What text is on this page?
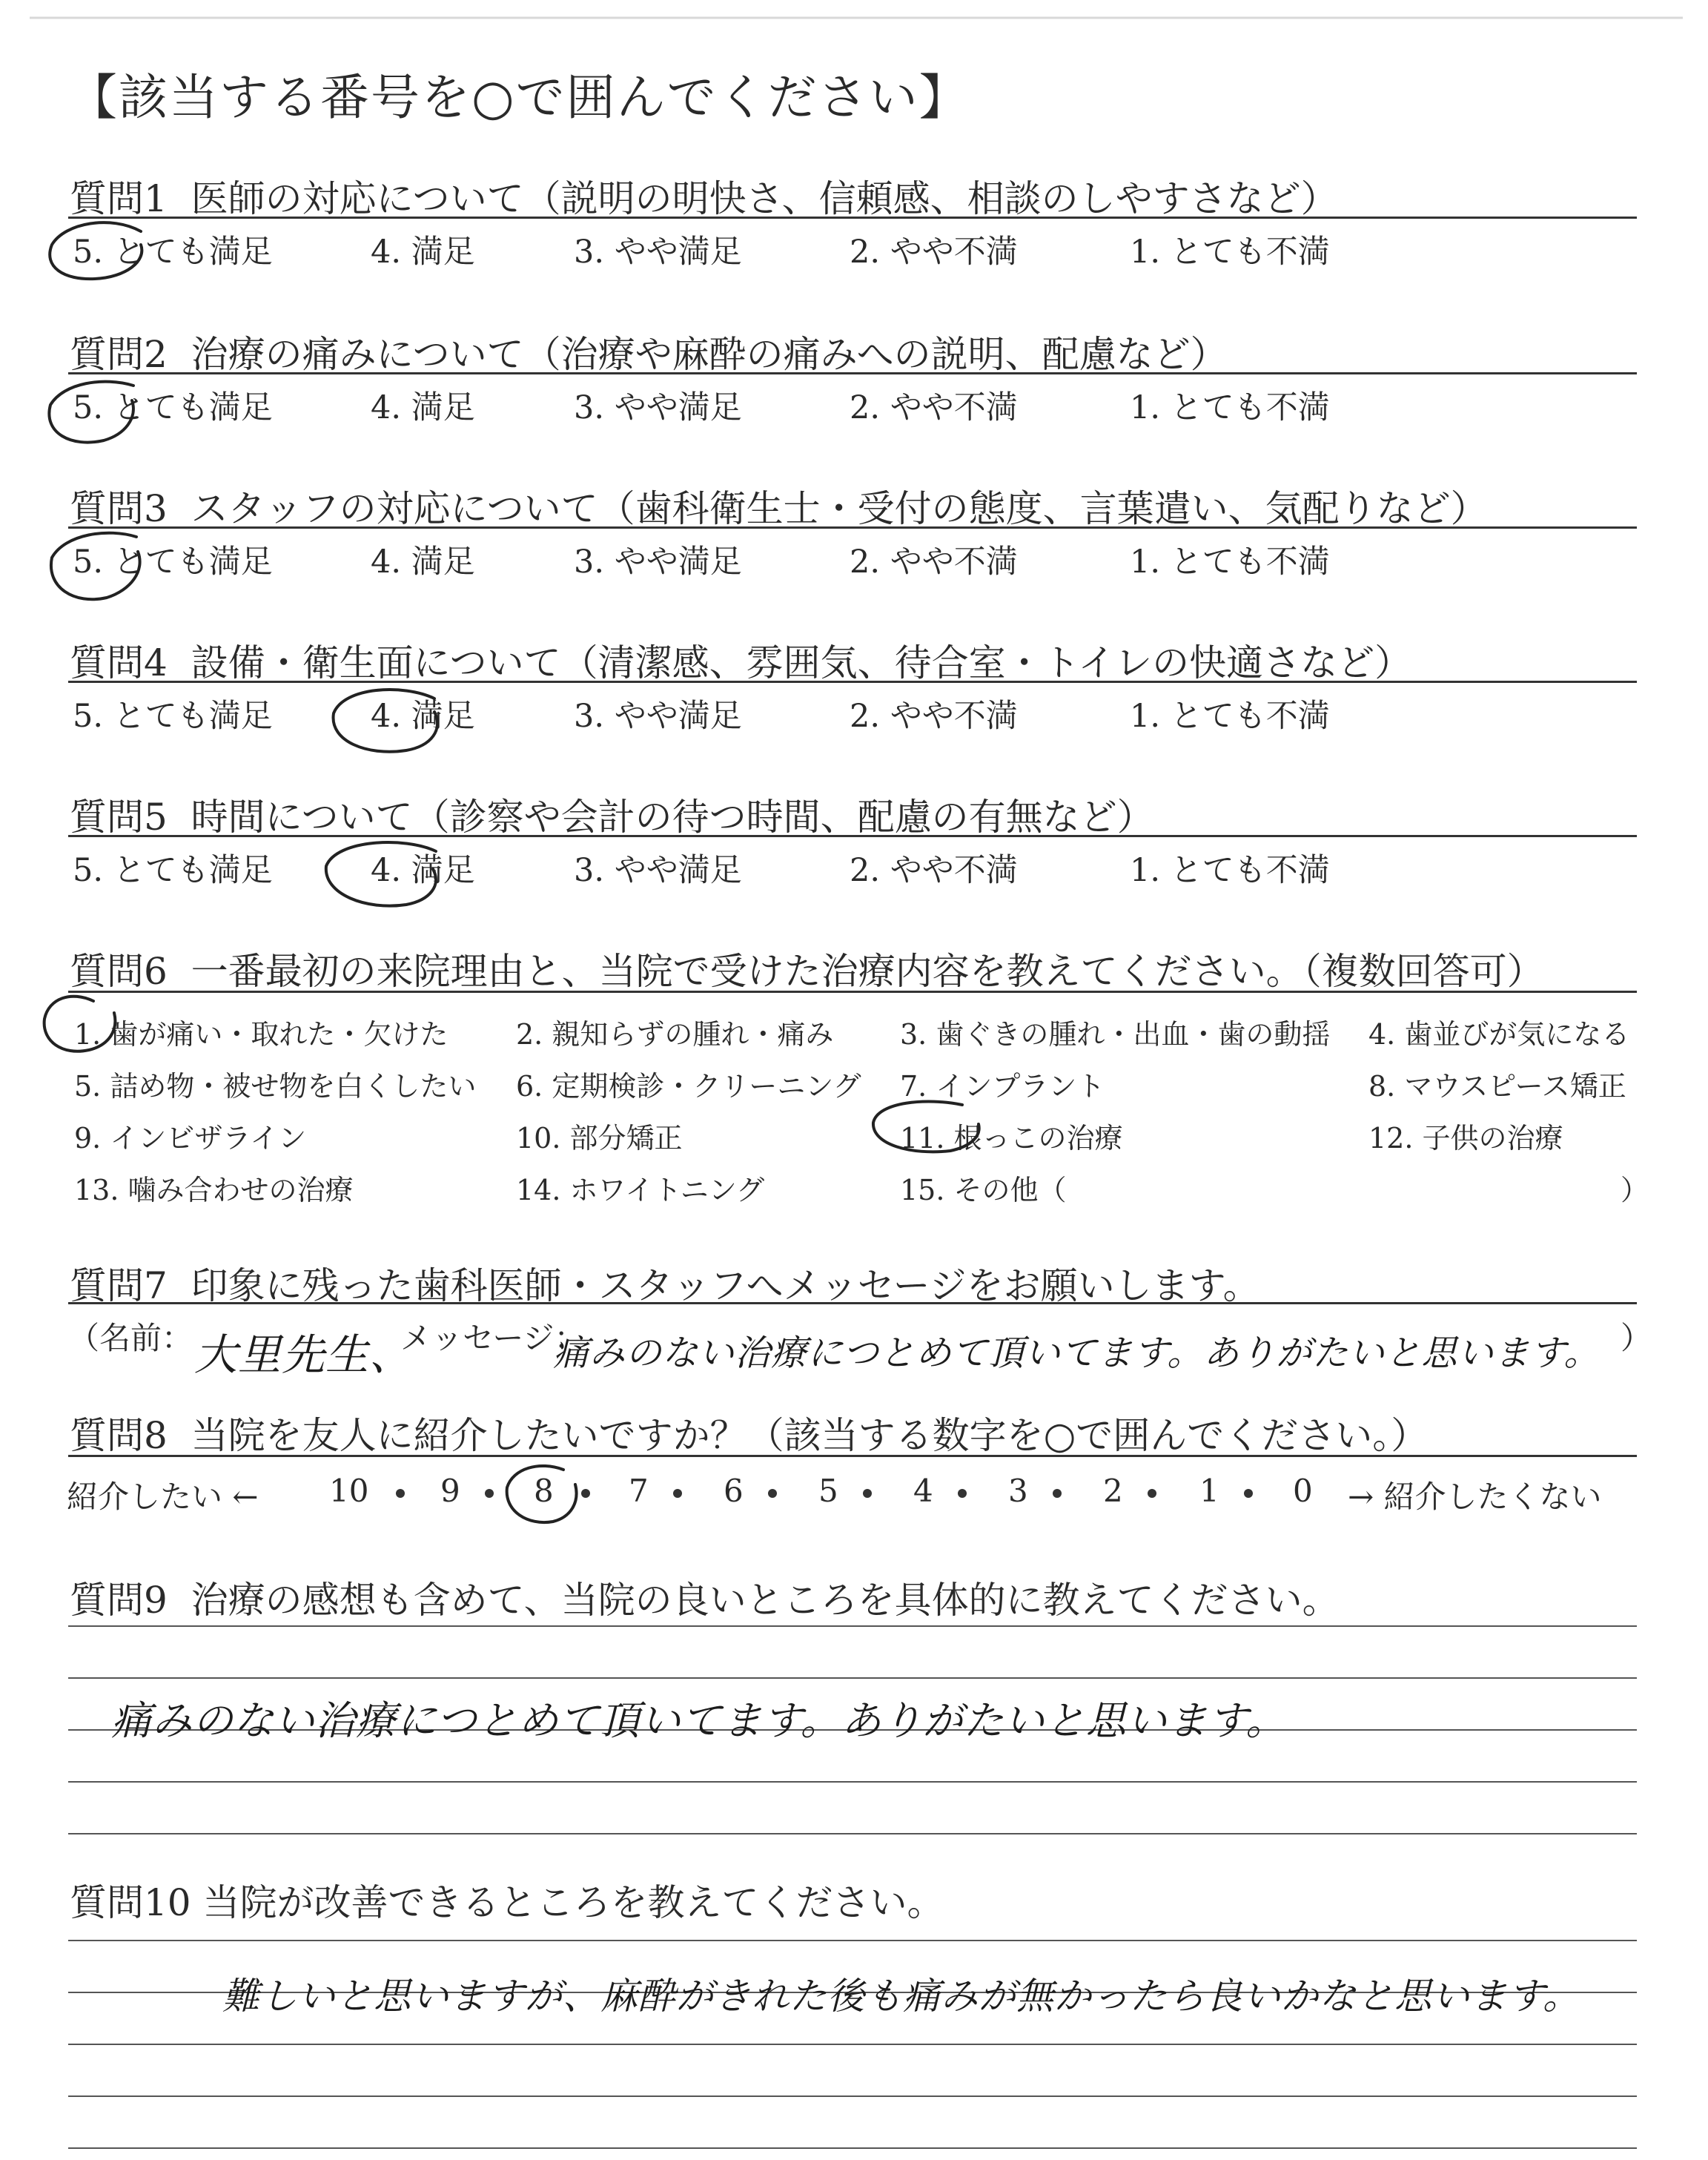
【該当する番号を○で囲んでください】
質問1 医師の対応について（説明の明快さ、信頼感、相談のしやすさなど）
5. とても満足	4. 満足	3. やや満足	2. やや不満	1. とても不満
質問2 治療の痛みについて（治療や麻酔の痛みへの説明、配慮など）
5. とても満足	4. 満足	3. やや満足	2. やや不満	1. とても不満
質問3 スタッフの対応について（歯科衛生士・受付の態度、言葉遣い、気配りなど）
5. とても満足	4. 満足	3. やや満足	2. やや不満	1. とても不満
質問4 設備・衛生面について（清潔感、雰囲気、待合室・トイレの快適さなど）
5. とても満足	4. 満足	3. やや満足	2. やや不満	1. とても不満
質問5 時間について（診察や会計の待つ時間、配慮の有無など）
5. とても満足	4. 満足	3. やや満足	2. やや不満	1. とても不満
質問6 一番最初の来院理由と、当院で受けた治療内容を教えてください。（複数回答可）
1. 歯が痛い・取れた・欠けた 2. 親知らずの腫れ・痛み 3. 歯ぐきの腫れ・出血・歯の動揺 4. 歯並びが気になる
5. 詰め物・被せ物を白くしたい 6. 定期検診・クリーニング 7. インプラント	8. マウスピース矯正
9. インビザライン	10. 部分矯正	11. 根っこの治療	12. 子供の治療
13. 噛み合わせの治療	14. ホワイトニング	15. その他（	）
質問7 印象に残った歯科医師・スタッフへメッセージをお願いします。
（名前： 大里先生、
メッセージ：
痛みのない治療につとめて頂いてます。ありがたいと思います。 ）
質問8 当院を友人に紹介したいですか？（該当する数字を○で囲んでください。）
紹介したい ←	→ 紹介したくない
10 9 8 7 6 5 4 3 2 1 0
質問9 治療の感想も含めて、当院の良いところを具体的に教えてください。
痛みのない治療につとめて頂いてます。ありがたいと思います。
質問10 当院が改善できるところを教えてください。
難しいと思いますが、麻酔がきれた後も痛みが無かったら良いかなと思います。
